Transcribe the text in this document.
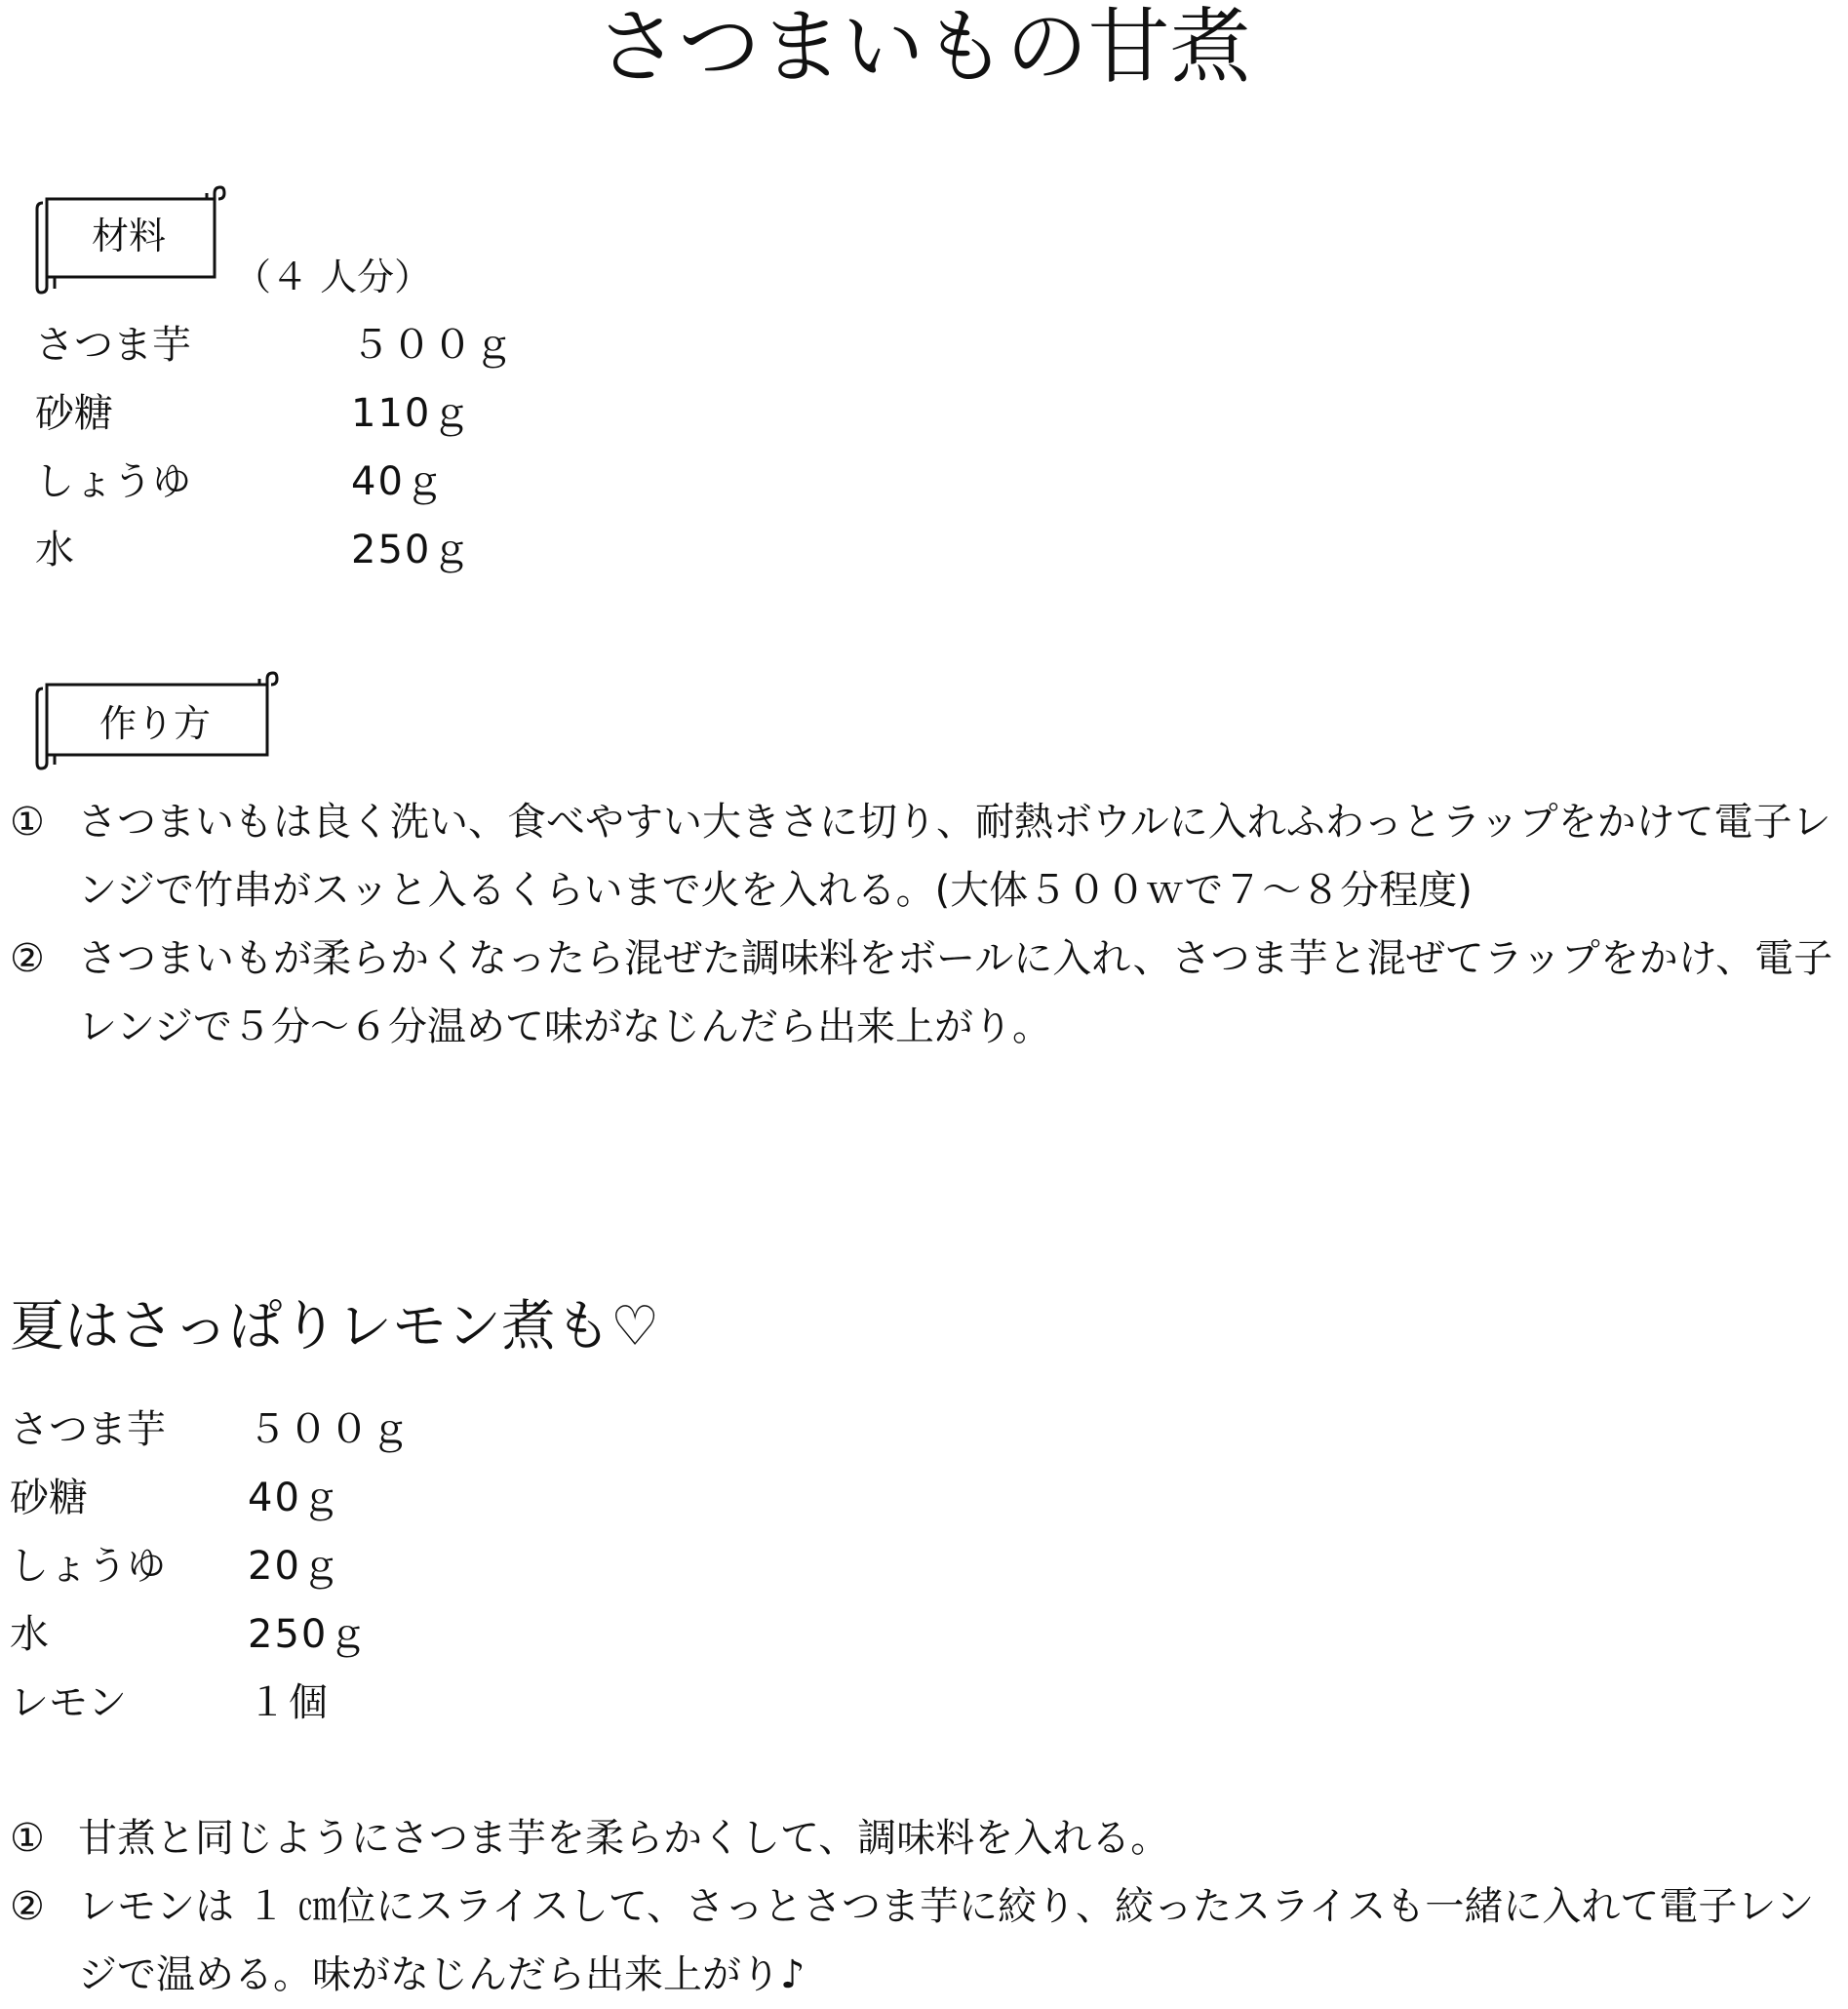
さつまいもの甘煮
材料
（４ 人分）
さつま芋	５００ｇ
砂糖	110ｇ
しょうゆ	40ｇ
水	250ｇ
作り方
① さつまいもは良く洗い、食べやすい大きさに切り、耐熱ボウルに入れふわっとラップをかけて電子レンジで竹串がスッと入るくらいまで火を入れる。(大体５００ｗで７～８分程度)
② さつまいもが柔らかくなったら混ぜた調味料をボールに入れ、さつま芋と混ぜてラップをかけ、電子レンジで５分～６分温めて味がなじんだら出来上がり。
夏はさっぱりレモン煮も♡
さつま芋 ５００ｇ
砂糖	40ｇ
しょうゆ 20ｇ
水	250ｇ
レモン	１個
① 甘煮と同じようにさつま芋を柔らかくして、調味料を入れる。
② レモンは １ ㎝位にスライスして、さっとさつま芋に絞り、絞ったスライスも一緒に入れて電子レンジで温める。味がなじんだら出来上がり♪
